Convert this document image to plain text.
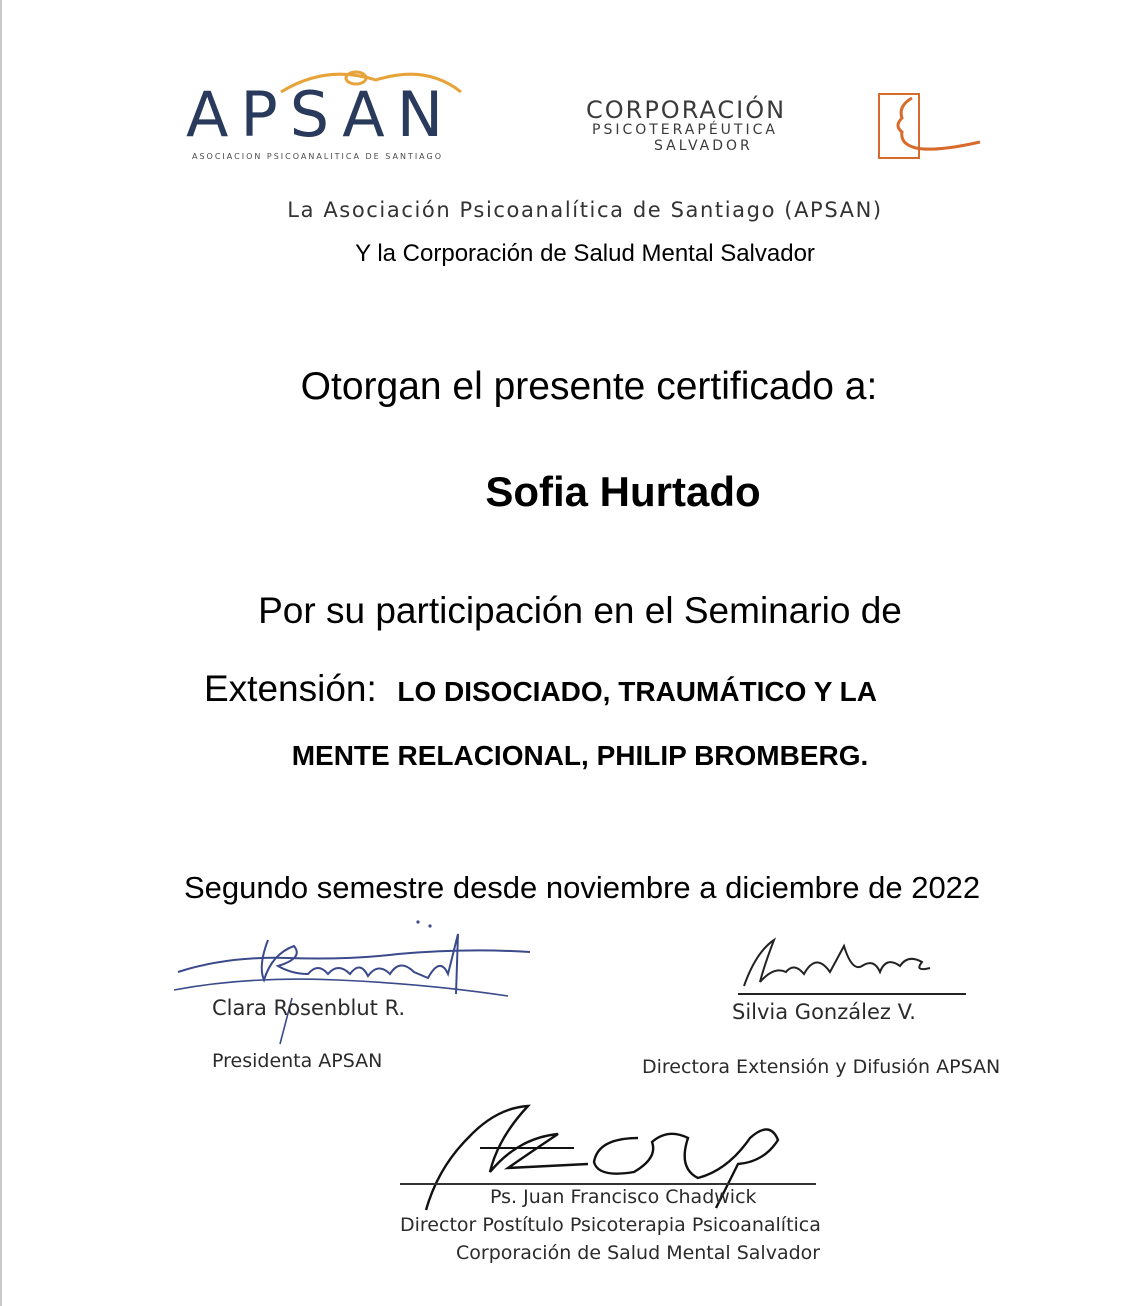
APSAN
ASOCIACION PSICOANALITICA DE SANTIAGO
CORPORACIÓN
PSICOTERAPÉUTICA
SALVADOR
La Asociación Psicoanalítica de Santiago (APSAN)
Y la Corporación de Salud Mental Salvador
Otorgan el presente certificado a:
Sofia Hurtado
Por su participación en el Seminario de
Extensión: LO DISOCIADO, TRAUMÁTICO Y LA
MENTE RELACIONAL, PHILIP BROMBERG.
Segundo semestre desde noviembre a diciembre de 2022
Clara Rosenblut R.
Presidenta APSAN
Silvia González V.
Directora Extensión y Difusión APSAN
Ps. Juan Francisco Chadwick
Director Postítulo Psicoterapia Psicoanalítica
Corporación de Salud Mental Salvador
